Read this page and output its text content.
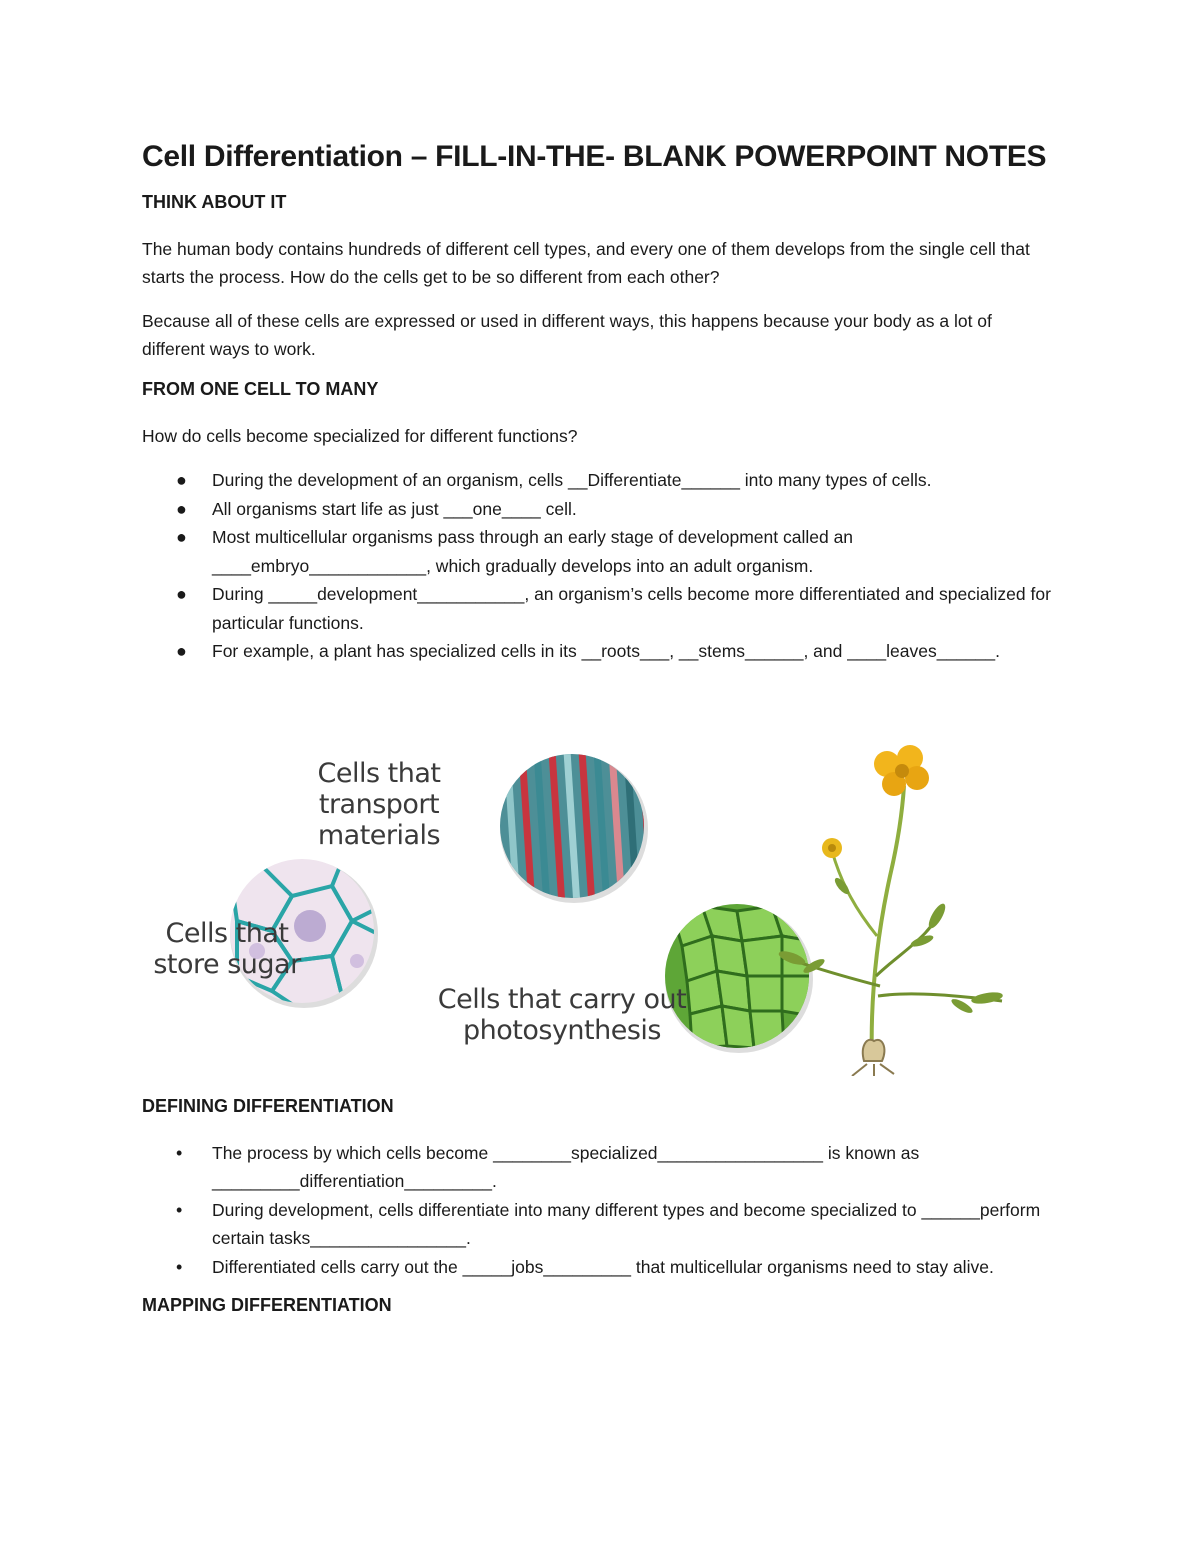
Cell Differentiation – FILL-IN-THE- BLANK POWERPOINT NOTES
THINK ABOUT IT

The human body contains hundreds of different cell types, and every one of them develops from the single cell that starts the process. How do the cells get to be so different from each other?

Because all of these cells are expressed or used in different ways, this happens because your body as a lot of different ways to work.

FROM ONE CELL TO MANY

How do cells become specialized for different functions?

● During the development of an organism, cells __Differentiate______ into many types of cells.
● All organisms start life as just ___one____ cell.
● Most multicellular organisms pass through an early stage of development called an ____embryo____________, which gradually develops into an adult organism.
● During _____development___________, an organism’s cells become more differentiated and specialized for particular functions.
● For example, a plant has specialized cells in its __roots___, __stems______, and ____leaves______.
Cells that transport materials
Cells that store sugar
Cells that carry out photosynthesis
DEFINING DIFFERENTIATION
• The process by which cells become ________specialized_________________ is known as _________differentiation_________.
• During development, cells differentiate into many different types and become specialized to ______perform certain tasks________________.
• Differentiated cells carry out the _____jobs_________ that multicellular organisms need to stay alive.
MAPPING DIFFERENTIATION
